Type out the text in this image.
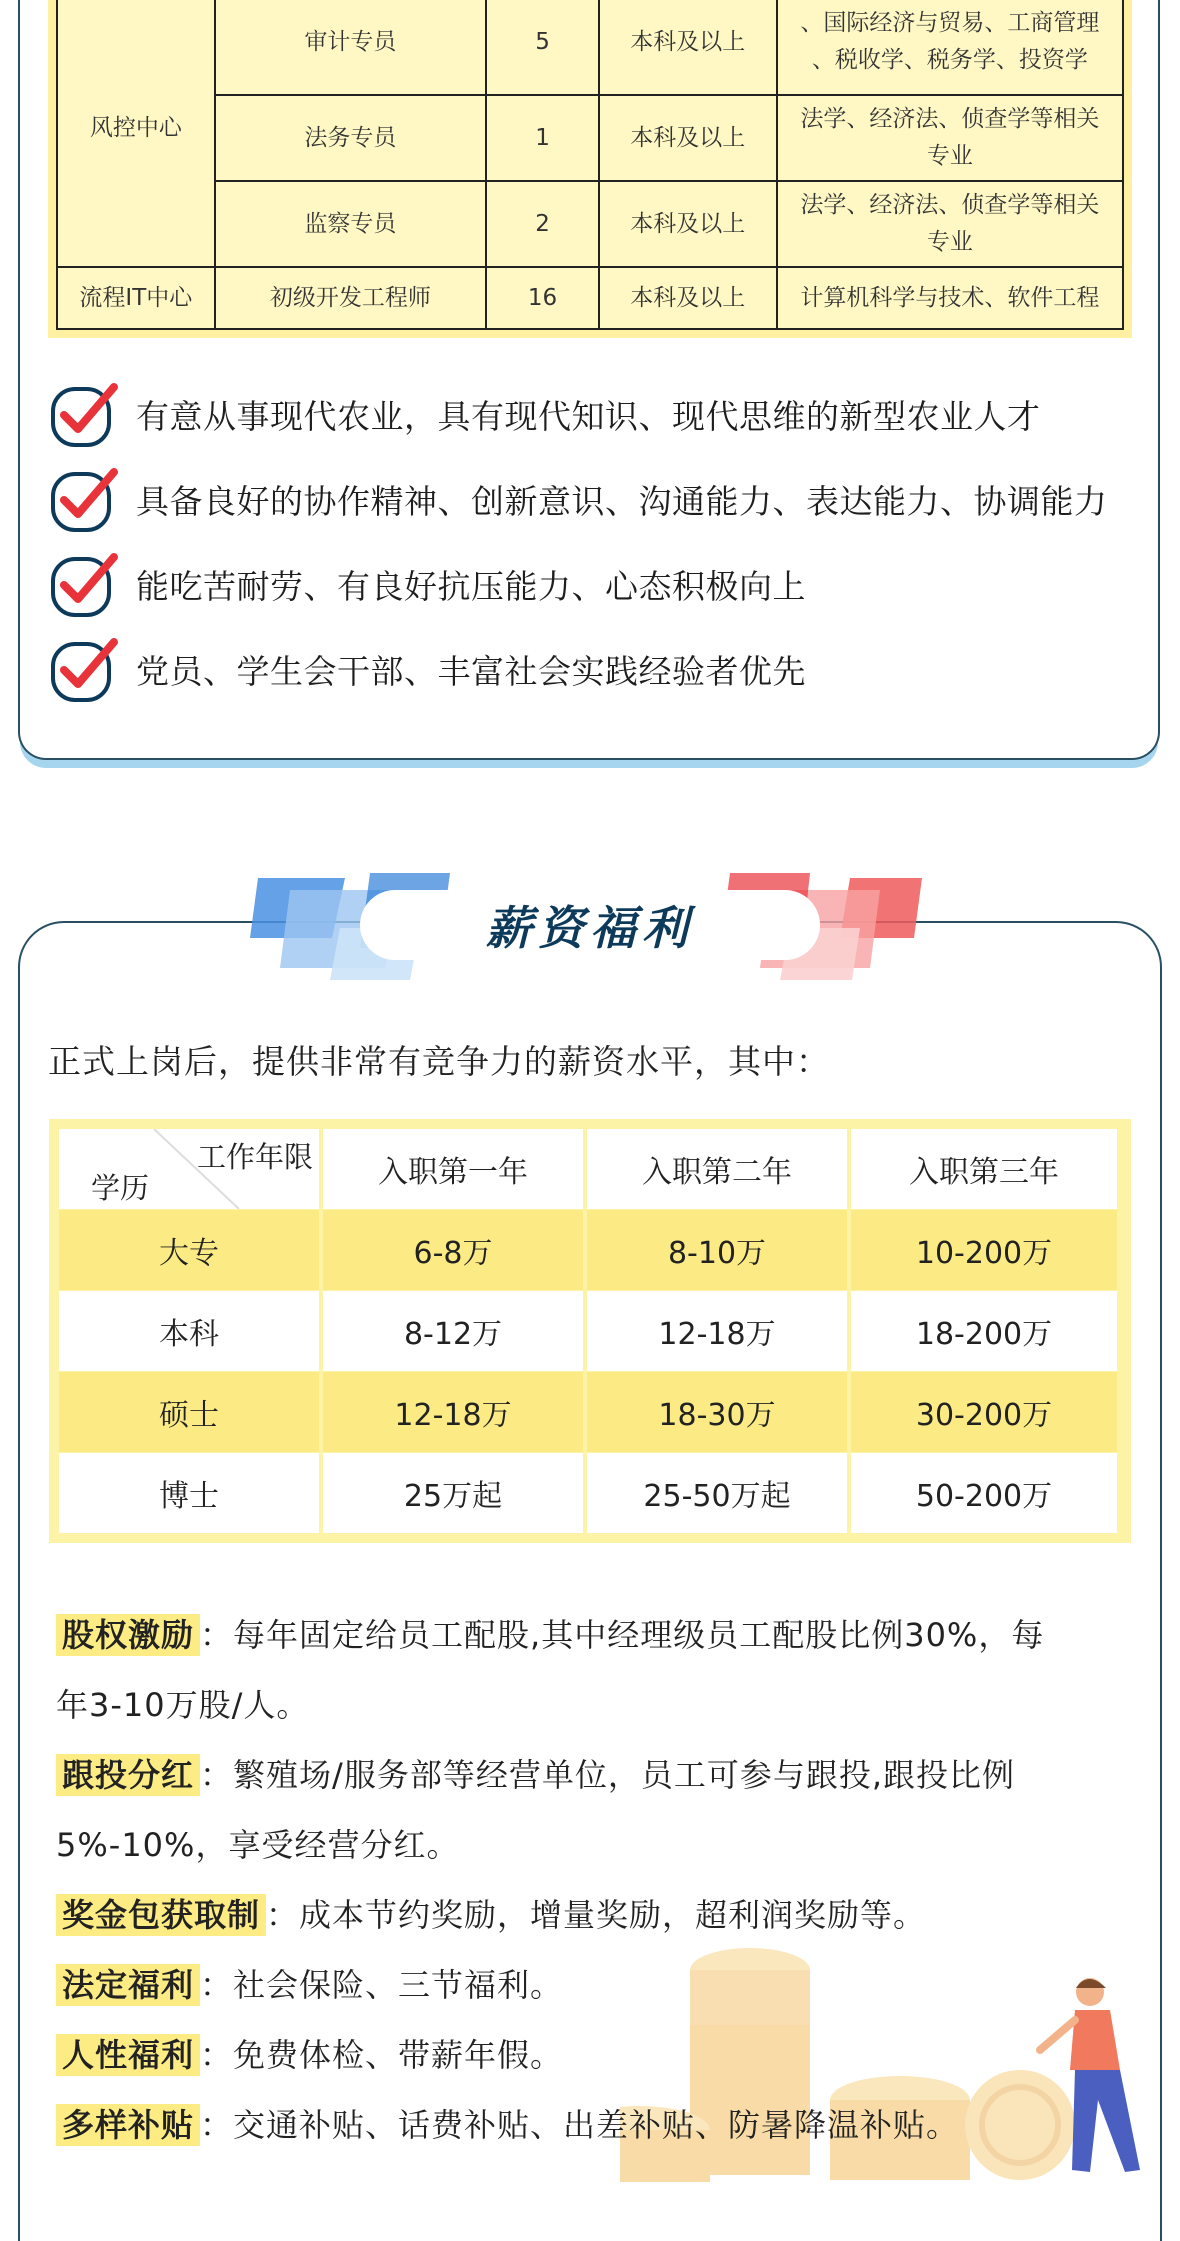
风控中心	审计专员	5	本科及以上	、国际经济与贸易、工商管理
、税收学、税务学、投资学

	法务专员	1	本科及以上	法学、经济法、侦查学等相关
专业

	监察专员	2	本科及以上	法学、经济法、侦查学等相关
专业

流程IT中心	初级开发工程师	16	本科及以上	计算机科学与技术、软件工程
有意从事现代农业，具有现代知识、现代思维的新型农业人才
具备良好的协作精神、创新意识、沟通能力、表达能力、协调能力
能吃苦耐劳、有良好抗压能力、心态积极向上
党员、学生会干部、丰富社会实践经验者优先
薪资福利
正式上岗后，提供非常有竞争力的薪资水平，其中：
工作年限
学历	入职第一年	入职第二年	入职第三年
大专	6-8万	8-10万	10-200万
本科	8-12万	12-18万	18-200万
硕士	12-18万	18-30万	30-200万
博士	25万起	25-50万起	50-200万
股权激励 ：每年固定给员工配股,其中经理级员工配股比例30%，每
年3-10万股/人。
跟投分红 ：繁殖场/服务部等经营单位，员工可参与跟投,跟投比例
5%-10%，享受经营分红。
奖金包获取制 ：成本节约奖励，增量奖励，超利润奖励等。
法定福利 ：社会保险、三节福利。
人性福利 ：免费体检、带薪年假。
多样补贴 ：交通补贴、话费补贴、出差补贴、防暑降温补贴。
